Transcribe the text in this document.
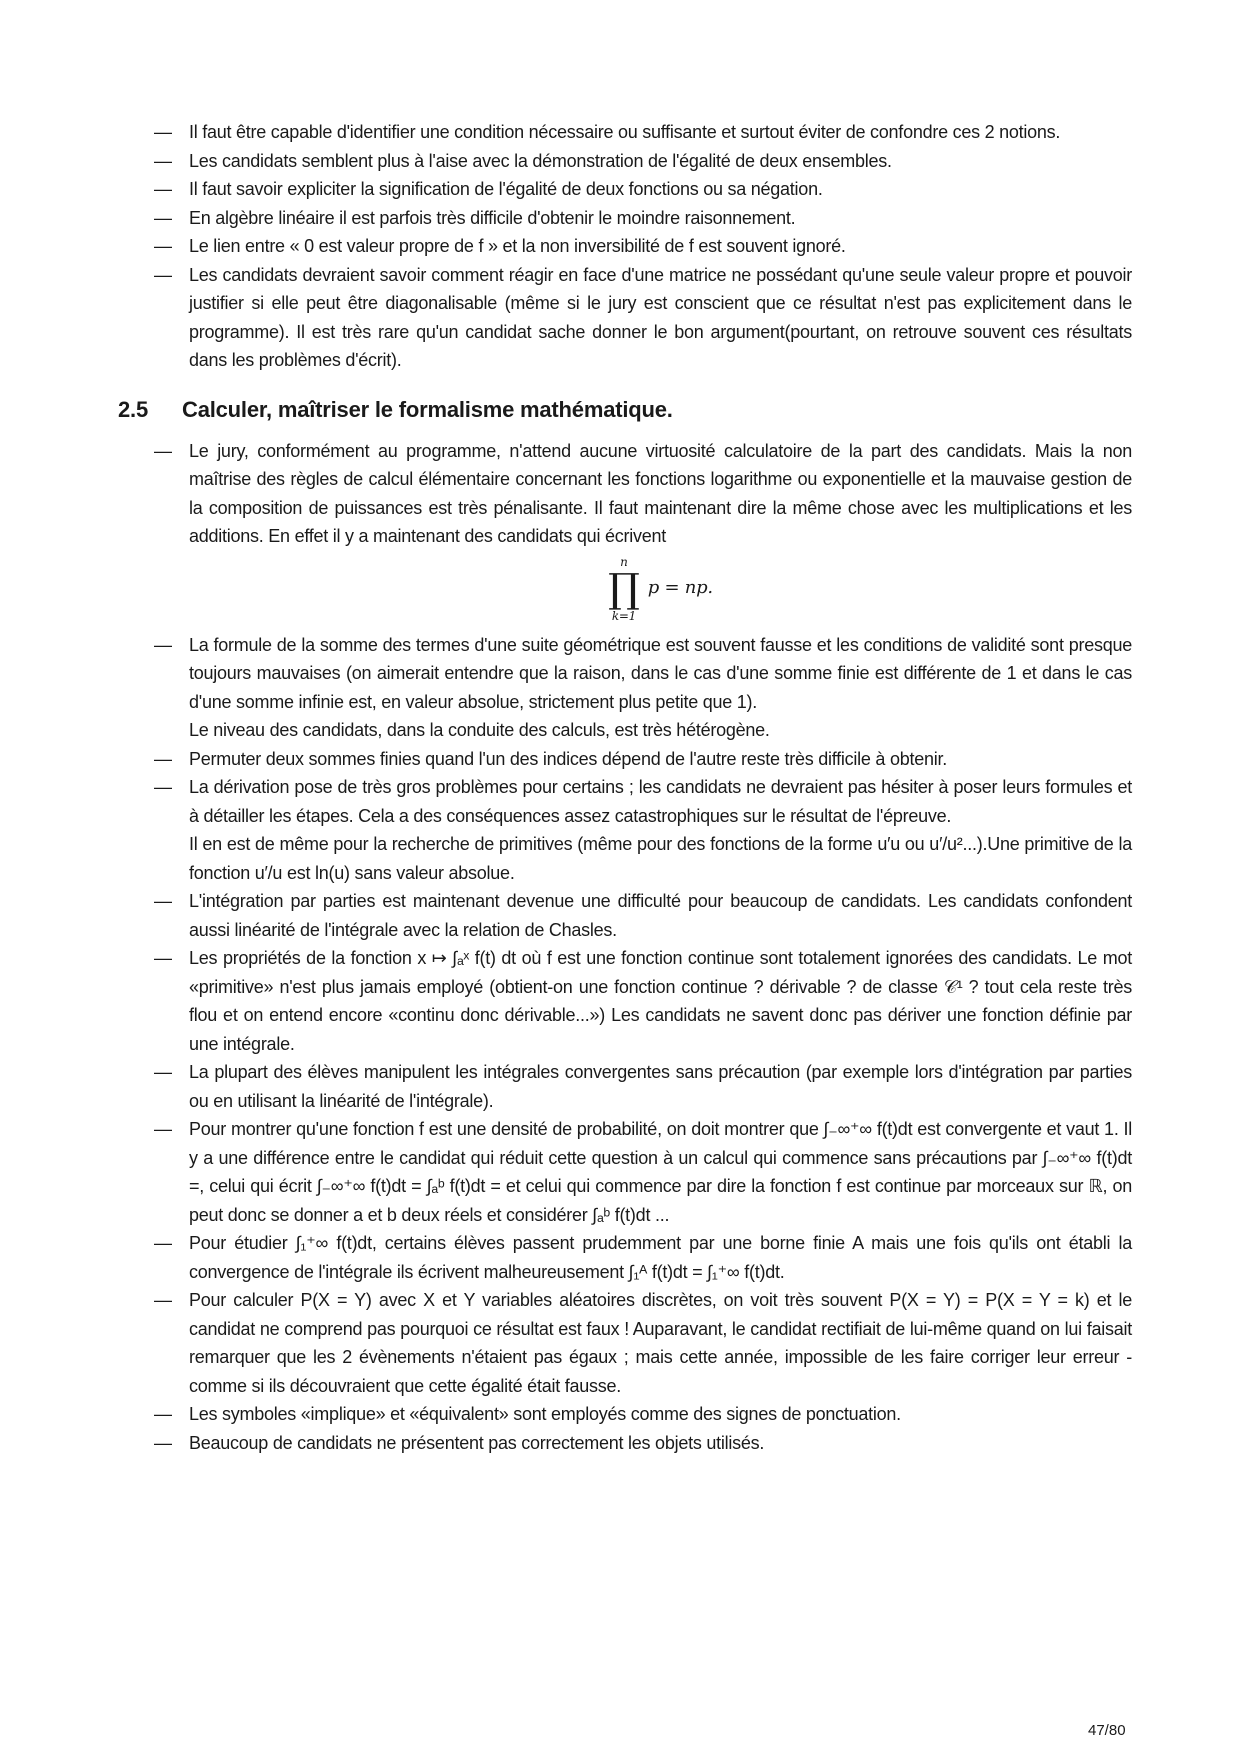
— Il faut être capable d'identifier une condition nécessaire ou suffisante et surtout éviter de confondre ces 2 notions.
— Les candidats semblent plus à l'aise avec la démonstration de l'égalité de deux ensembles.
— Il faut savoir expliciter la signification de l'égalité de deux fonctions ou sa négation.
— En algèbre linéaire il est parfois très difficile d'obtenir le moindre raisonnement.
— Le lien entre « 0 est valeur propre de f » et la non inversibilité de f est souvent ignoré.
— Les candidats devraient savoir comment réagir en face d'une matrice ne possédant qu'une seule valeur propre et pouvoir justifier si elle peut être diagonalisable (même si le jury est conscient que ce résultat n'est pas explicitement dans le programme). Il est très rare qu'un candidat sache donner le bon argument(pourtant, on retrouve souvent ces résultats dans les problèmes d'écrit).
2.5 Calculer, maîtriser le formalisme mathématique.
— Le jury, conformément au programme, n'attend aucune virtuosité calculatoire de la part des candidats. Mais la non maîtrise des règles de calcul élémentaire concernant les fonctions logarithme ou exponentielle et la mauvaise gestion de la composition de puissances est très pénalisante. Il faut maintenant dire la même chose avec les multiplications et les additions. En effet il y a maintenant des candidats qui écrivent
n
∏
k=1
p = np.
— La formule de la somme des termes d'une suite géométrique est souvent fausse et les conditions de validité sont presque toujours mauvaises (on aimerait entendre que la raison, dans le cas d'une somme finie est différente de 1 et dans le cas d'une somme infinie est, en valeur absolue, strictement plus petite que 1).
Le niveau des candidats, dans la conduite des calculs, est très hétérogène.
— Permuter deux sommes finies quand l'un des indices dépend de l'autre reste très difficile à obtenir.
— La dérivation pose de très gros problèmes pour certains ; les candidats ne devraient pas hésiter à poser leurs formules et à détailler les étapes. Cela a des conséquences assez catastrophiques sur le résultat de l'épreuve.
Il en est de même pour la recherche de primitives (même pour des fonctions de la forme u′u ou u′/u²...).Une primitive de la fonction u′/u est ln(u) sans valeur absolue.
— L'intégration par parties est maintenant devenue une difficulté pour beaucoup de candidats. Les candidats confondent aussi linéarité de l'intégrale avec la relation de Chasles.
— Les propriétés de la fonction x ↦ ∫ₐˣ f(t) dt où f est une fonction continue sont totalement ignorées des candidats. Le mot «primitive» n'est plus jamais employé (obtient-on une fonction continue ? dérivable ? de classe 𝒞¹ ? tout cela reste très flou et on entend encore «continu donc dérivable...») Les candidats ne savent donc pas dériver une fonction définie par une intégrale.
— La plupart des élèves manipulent les intégrales convergentes sans précaution (par exemple lors d'intégration par parties ou en utilisant la linéarité de l'intégrale).
— Pour montrer qu'une fonction f est une densité de probabilité, on doit montrer que ∫₋∞⁺∞ f(t)dt est convergente et vaut 1. Il y a une différence entre le candidat qui réduit cette question à un calcul qui commence sans précautions par ∫₋∞⁺∞ f(t)dt =, celui qui écrit ∫₋∞⁺∞ f(t)dt = ∫ₐᵇ f(t)dt = et celui qui commence par dire la fonction f est continue par morceaux sur ℝ, on peut donc se donner a et b deux réels et considérer ∫ₐᵇ f(t)dt ...
— Pour étudier ∫₁⁺∞ f(t)dt, certains élèves passent prudemment par une borne finie A mais une fois qu'ils ont établi la convergence de l'intégrale ils écrivent malheureusement ∫₁ᴬ f(t)dt = ∫₁⁺∞ f(t)dt.
— Pour calculer P(X = Y) avec X et Y variables aléatoires discrètes, on voit très souvent P(X = Y) = P(X = Y = k) et le candidat ne comprend pas pourquoi ce résultat est faux ! Auparavant, le candidat rectifiait de lui-même quand on lui faisait remarquer que les 2 évènements n'étaient pas égaux ; mais cette année, impossible de les faire corriger leur erreur - comme si ils découvraient que cette égalité était fausse.
— Les symboles «implique» et «équivalent» sont employés comme des signes de ponctuation.
— Beaucoup de candidats ne présentent pas correctement les objets utilisés.
47/80
